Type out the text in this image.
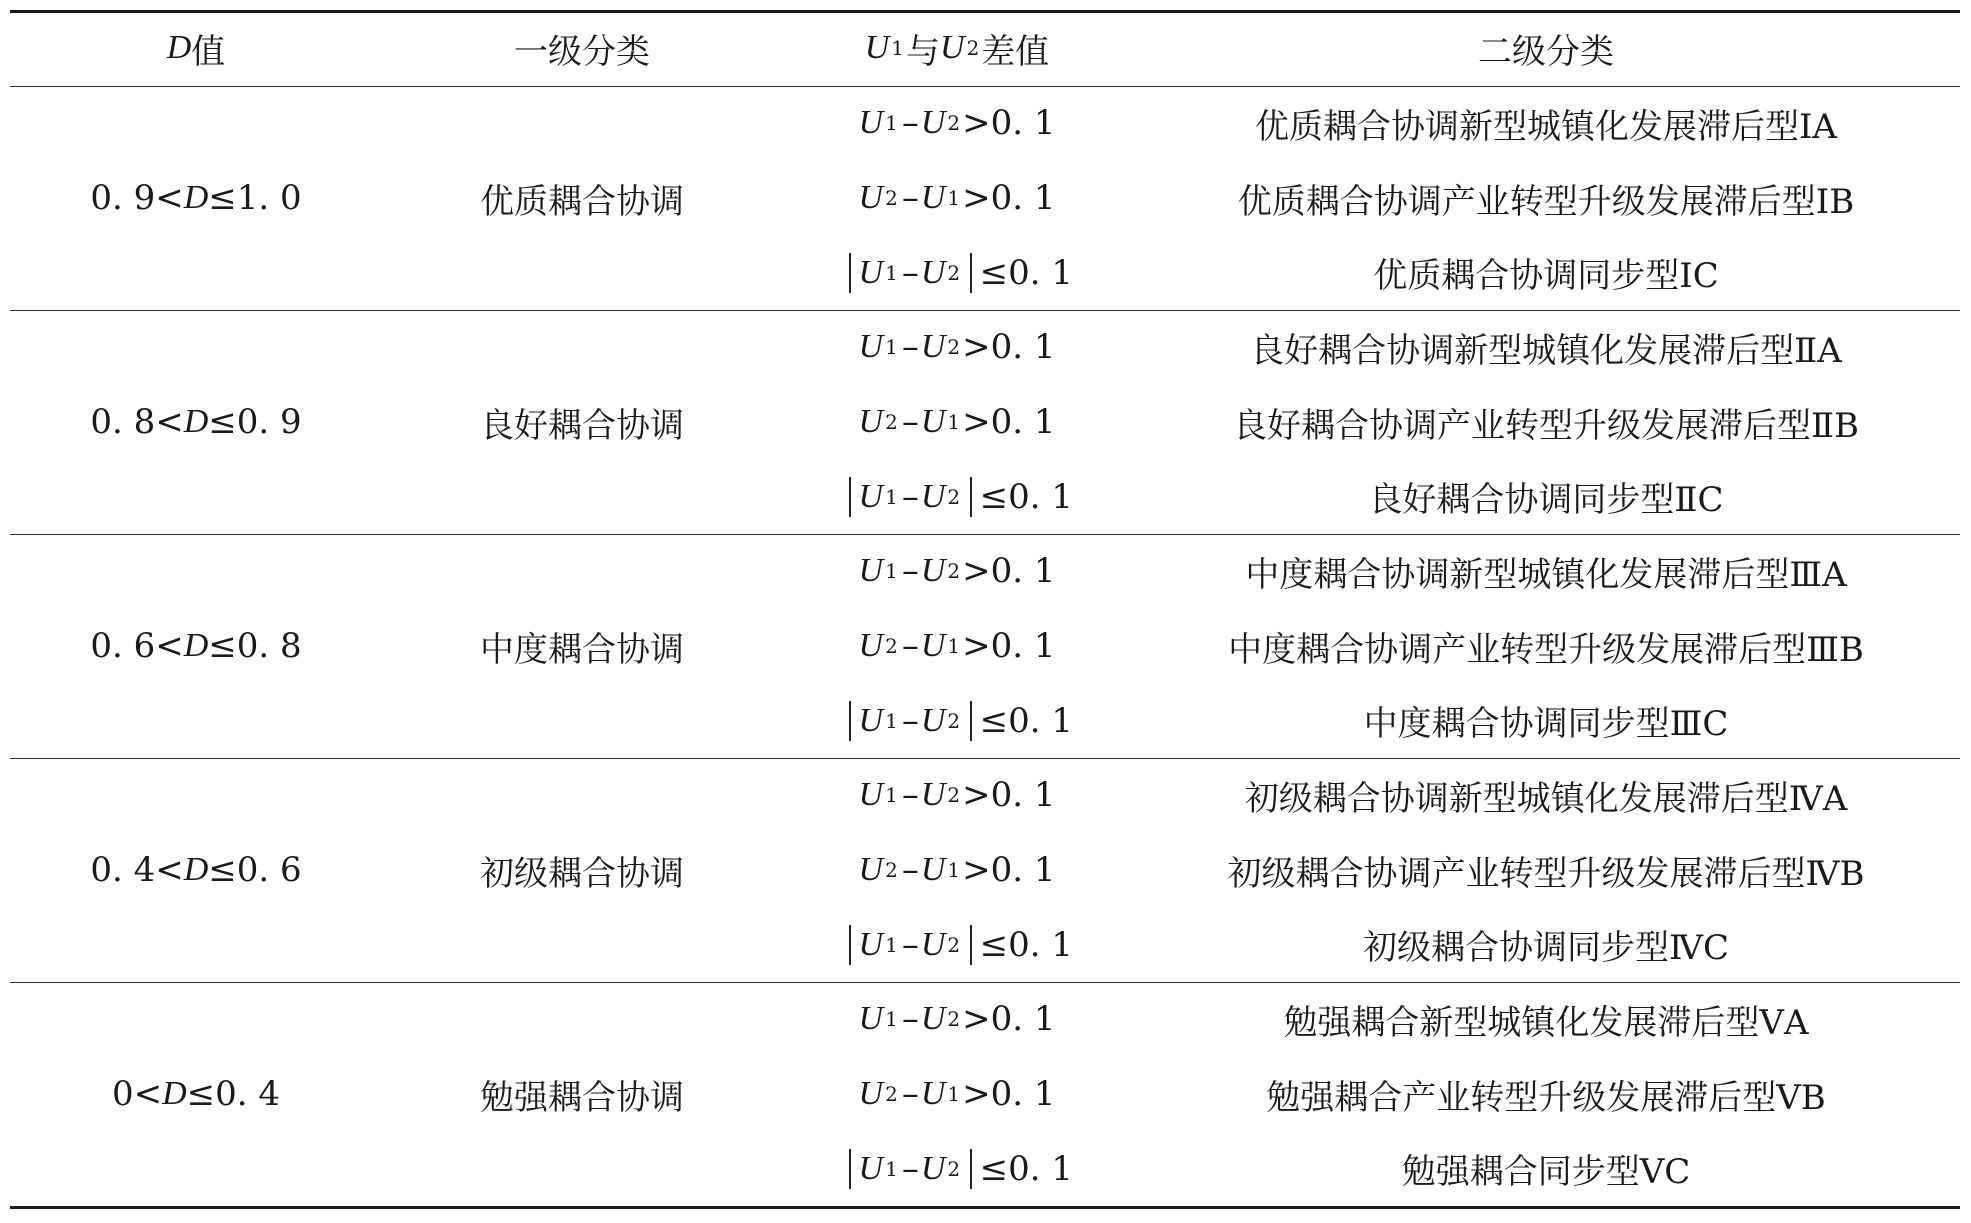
D 值	一级分类	U 1 与 U 2 差值	二级分类
0. 9< D ≤1. 0	优质耦合协调
U 1 – U 2 >0. 1	优质耦合协调新型城镇化发展滞后型ⅠA
U 2 – U 1 >0. 1	优质耦合协调产业转型升级发展滞后型ⅠB
U 1 – U 2 ≤0. 1	优质耦合协调同步型ⅠC
0. 8< D ≤0. 9	良好耦合协调
U 1 – U 2 >0. 1	良好耦合协调新型城镇化发展滞后型ⅡA
U 2 – U 1 >0. 1	良好耦合协调产业转型升级发展滞后型ⅡB
U 1 – U 2 ≤0. 1	良好耦合协调同步型ⅡC
0. 6< D ≤0. 8	中度耦合协调
U 1 – U 2 >0. 1	中度耦合协调新型城镇化发展滞后型ⅢA
U 2 – U 1 >0. 1	中度耦合协调产业转型升级发展滞后型ⅢB
U 1 – U 2 ≤0. 1	中度耦合协调同步型ⅢC
0. 4< D ≤0. 6	初级耦合协调
U 1 – U 2 >0. 1	初级耦合协调新型城镇化发展滞后型ⅣA
U 2 – U 1 >0. 1	初级耦合协调产业转型升级发展滞后型ⅣB
U 1 – U 2 ≤0. 1	初级耦合协调同步型ⅣC
0< D ≤0. 4	勉强耦合协调
U 1 – U 2 >0. 1	勉强耦合新型城镇化发展滞后型ⅤA
U 2 – U 1 >0. 1	勉强耦合产业转型升级发展滞后型ⅤB
U 1 – U 2 ≤0. 1	勉强耦合同步型ⅤC
